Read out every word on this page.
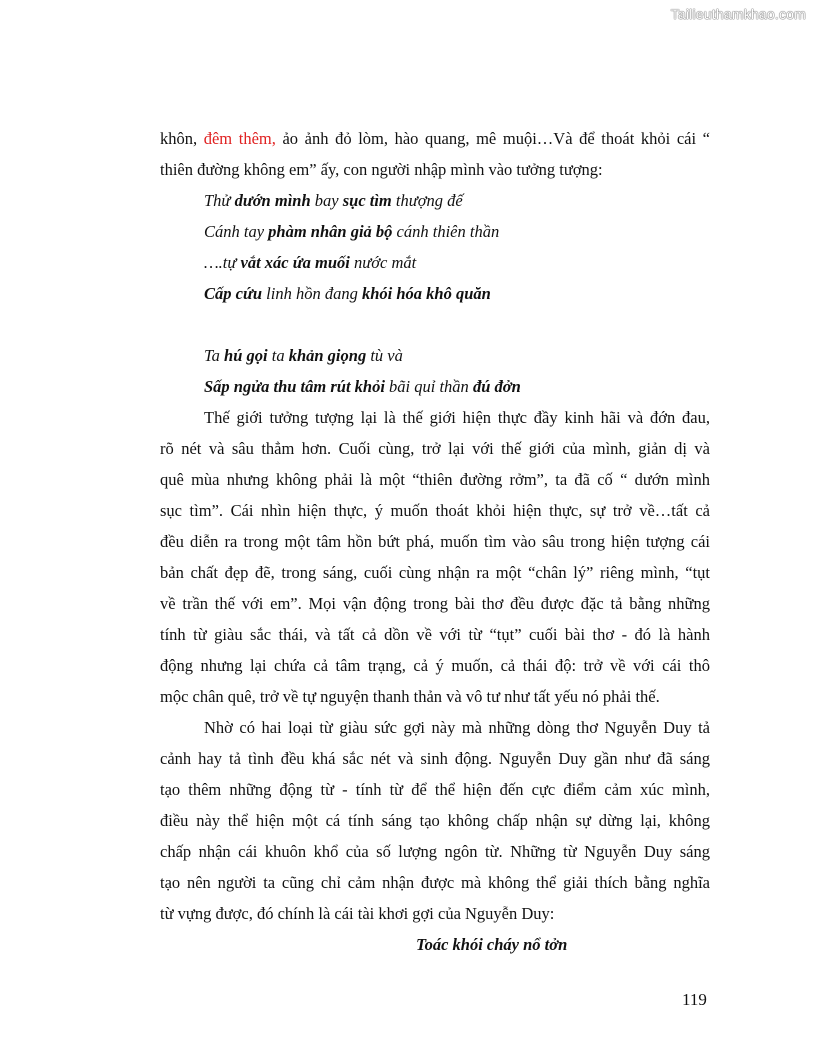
Tailieuthamkhao.com
khôn, đêm thêm, ảo ảnh đỏ lòm, hào quang, mê muội…Và để thoát khỏi cái “
thiên đường không em” ấy, con người nhập mình vào tưởng tượng:
Thử dướn mình bay sục tìm thượng đế
Cánh tay phàm nhân giả bộ cánh thiên thần
….tự vắt xác ứa muối nước mắt
Cấp cứu linh hồn đang khói hóa khô quăn
Ta hú gọi ta khản giọng tù và
Sấp ngửa thu tâm rút khỏi bãi quỉ thần đú đởn
Thế giới tưởng tượng lại là thế giới hiện thực đầy kinh hãi và đớn đau,
rõ nét và sâu thẳm hơn. Cuối cùng, trở lại với thế giới của mình, giản dị và
quê mùa nhưng không phải là một “thiên đường rởm”, ta đã cố “ dướn mình
sục tìm”. Cái nhìn hiện thực, ý muốn thoát khỏi hiện thực, sự trở về…tất cả
đều diễn ra trong một tâm hồn bứt phá, muốn tìm vào sâu trong hiện tượng cái
bản chất đẹp đẽ, trong sáng, cuối cùng nhận ra một “chân lý” riêng mình, “tụt
về trần thế với em”. Mọi vận động trong bài thơ đều được đặc tả bằng những
tính từ giàu sắc thái, và tất cả dồn về với từ “tụt” cuối bài thơ - đó là hành
động nhưng lại chứa cả tâm trạng, cả ý muốn, cả thái độ: trở về với cái thô
mộc chân quê, trở về tự nguyện thanh thản và vô tư như tất yếu nó phải thế.
Nhờ có hai loại từ giàu sức gợi này mà những dòng thơ Nguyễn Duy tả
cảnh hay tả tình đều khá sắc nét và sinh động. Nguyễn Duy gần như đã sáng
tạo thêm những động từ - tính từ để thể hiện đến cực điểm cảm xúc mình,
điều này thể hiện một cá tính sáng tạo không chấp nhận sự dừng lại, không
chấp nhận cái khuôn khổ của số lượng ngôn từ. Những từ Nguyễn Duy sáng
tạo nên người ta cũng chỉ cảm nhận được mà không thể giải thích bằng nghĩa
từ vựng được, đó chính là cái tài khơi gợi của Nguyễn Duy:
Toác khói cháy nổ tởn
119
